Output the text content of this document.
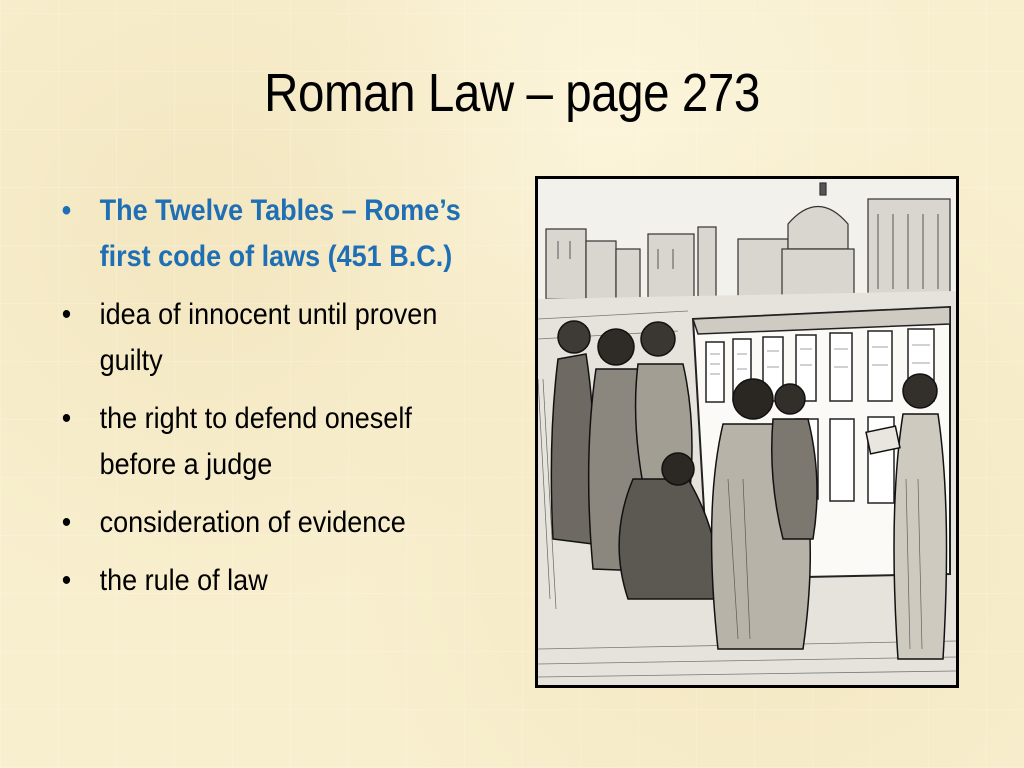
Roman Law – page 273
• The Twelve Tables – Rome’s first code of laws (451 B.C.)
• idea of innocent until proven guilty
• the right to defend oneself before a judge
• consideration of evidence
• the rule of law
